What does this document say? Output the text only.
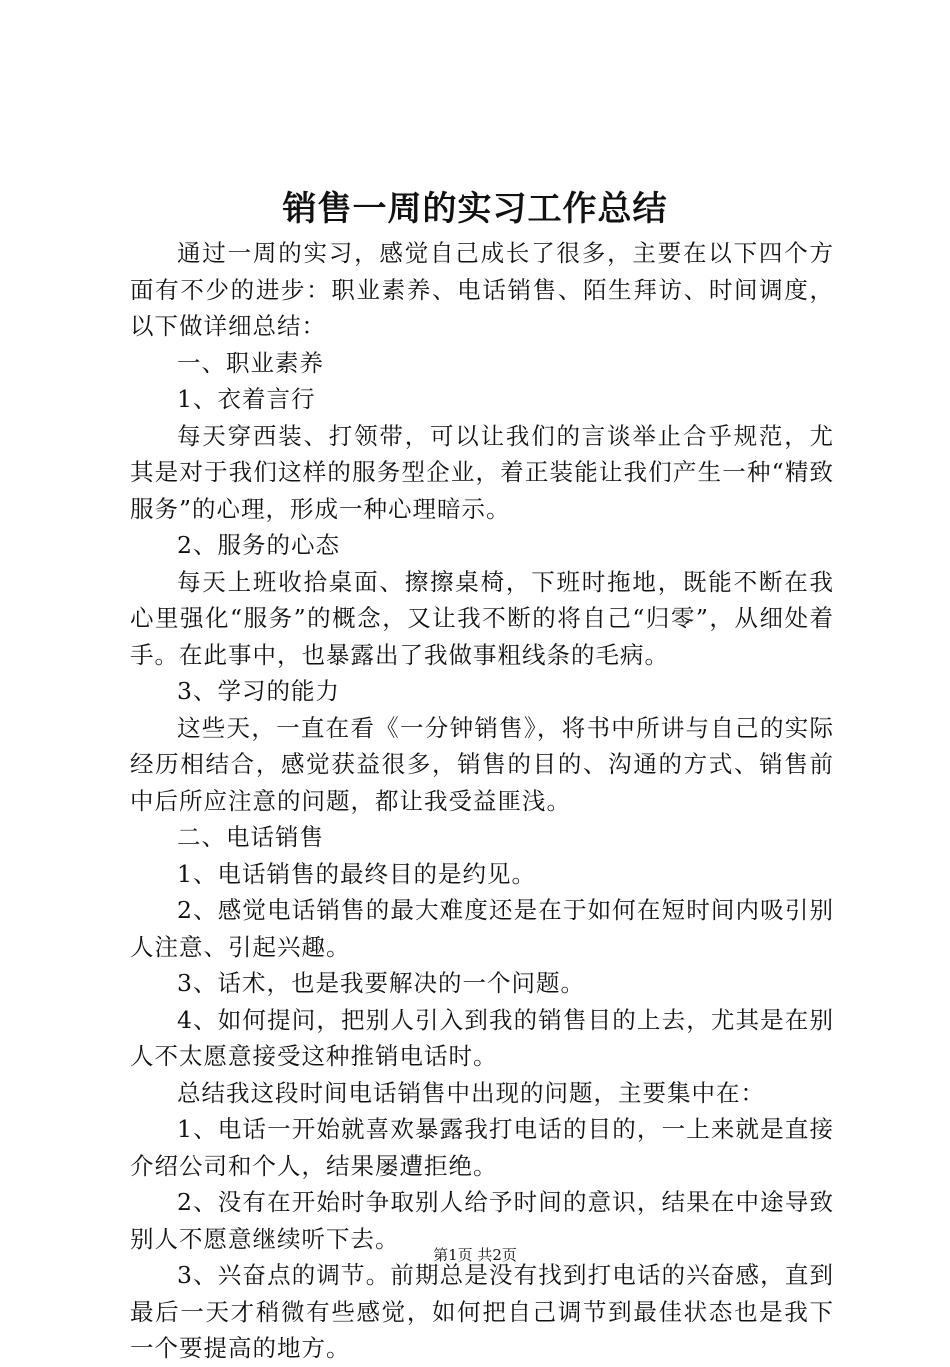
销售一周的实习工作总结

通过一周的实习，感觉自己成长了很多，主要在以下四个方面有不少的进步：职业素养、电话销售、陌生拜访、时间调度，以下做详细总结：

一、职业素养

1、衣着言行

每天穿西装、打领带，可以让我们的言谈举止合乎规范，尤其是对于我们这样的服务型企业，着正装能让我们产生一种“精致服务”的心理，形成一种心理暗示。

2、服务的心态

每天上班收拾桌面、擦擦桌椅，下班时拖地，既能不断在我心里强化“服务”的概念，又让我不断的将自己“归零”，从细处着手。在此事中，也暴露出了我做事粗线条的毛病。

3、学习的能力

这些天，一直在看《一分钟销售》，将书中所讲与自己的实际经历相结合，感觉获益很多，销售的目的、沟通的方式、销售前中后所应注意的问题，都让我受益匪浅。

二、电话销售

1、电话销售的最终目的是约见。

2、感觉电话销售的最大难度还是在于如何在短时间内吸引别人注意、引起兴趣。

3、话术，也是我要解决的一个问题。

4、如何提问，把别人引入到我的销售目的上去，尤其是在别人不太愿意接受这种推销电话时。

总结我这段时间电话销售中出现的问题，主要集中在：

1、电话一开始就喜欢暴露我打电话的目的，一上来就是直接介绍公司和个人，结果屡遭拒绝。

2、没有在开始时争取别人给予时间的意识，结果在中途导致别人不愿意继续听下去。

3、兴奋点的调节。前期总是没有找到打电话的兴奋感，直到最后一天才稍微有些感觉，如何把自己调节到最佳状态也是我下一个要提高的地方。

第1页 共2页
